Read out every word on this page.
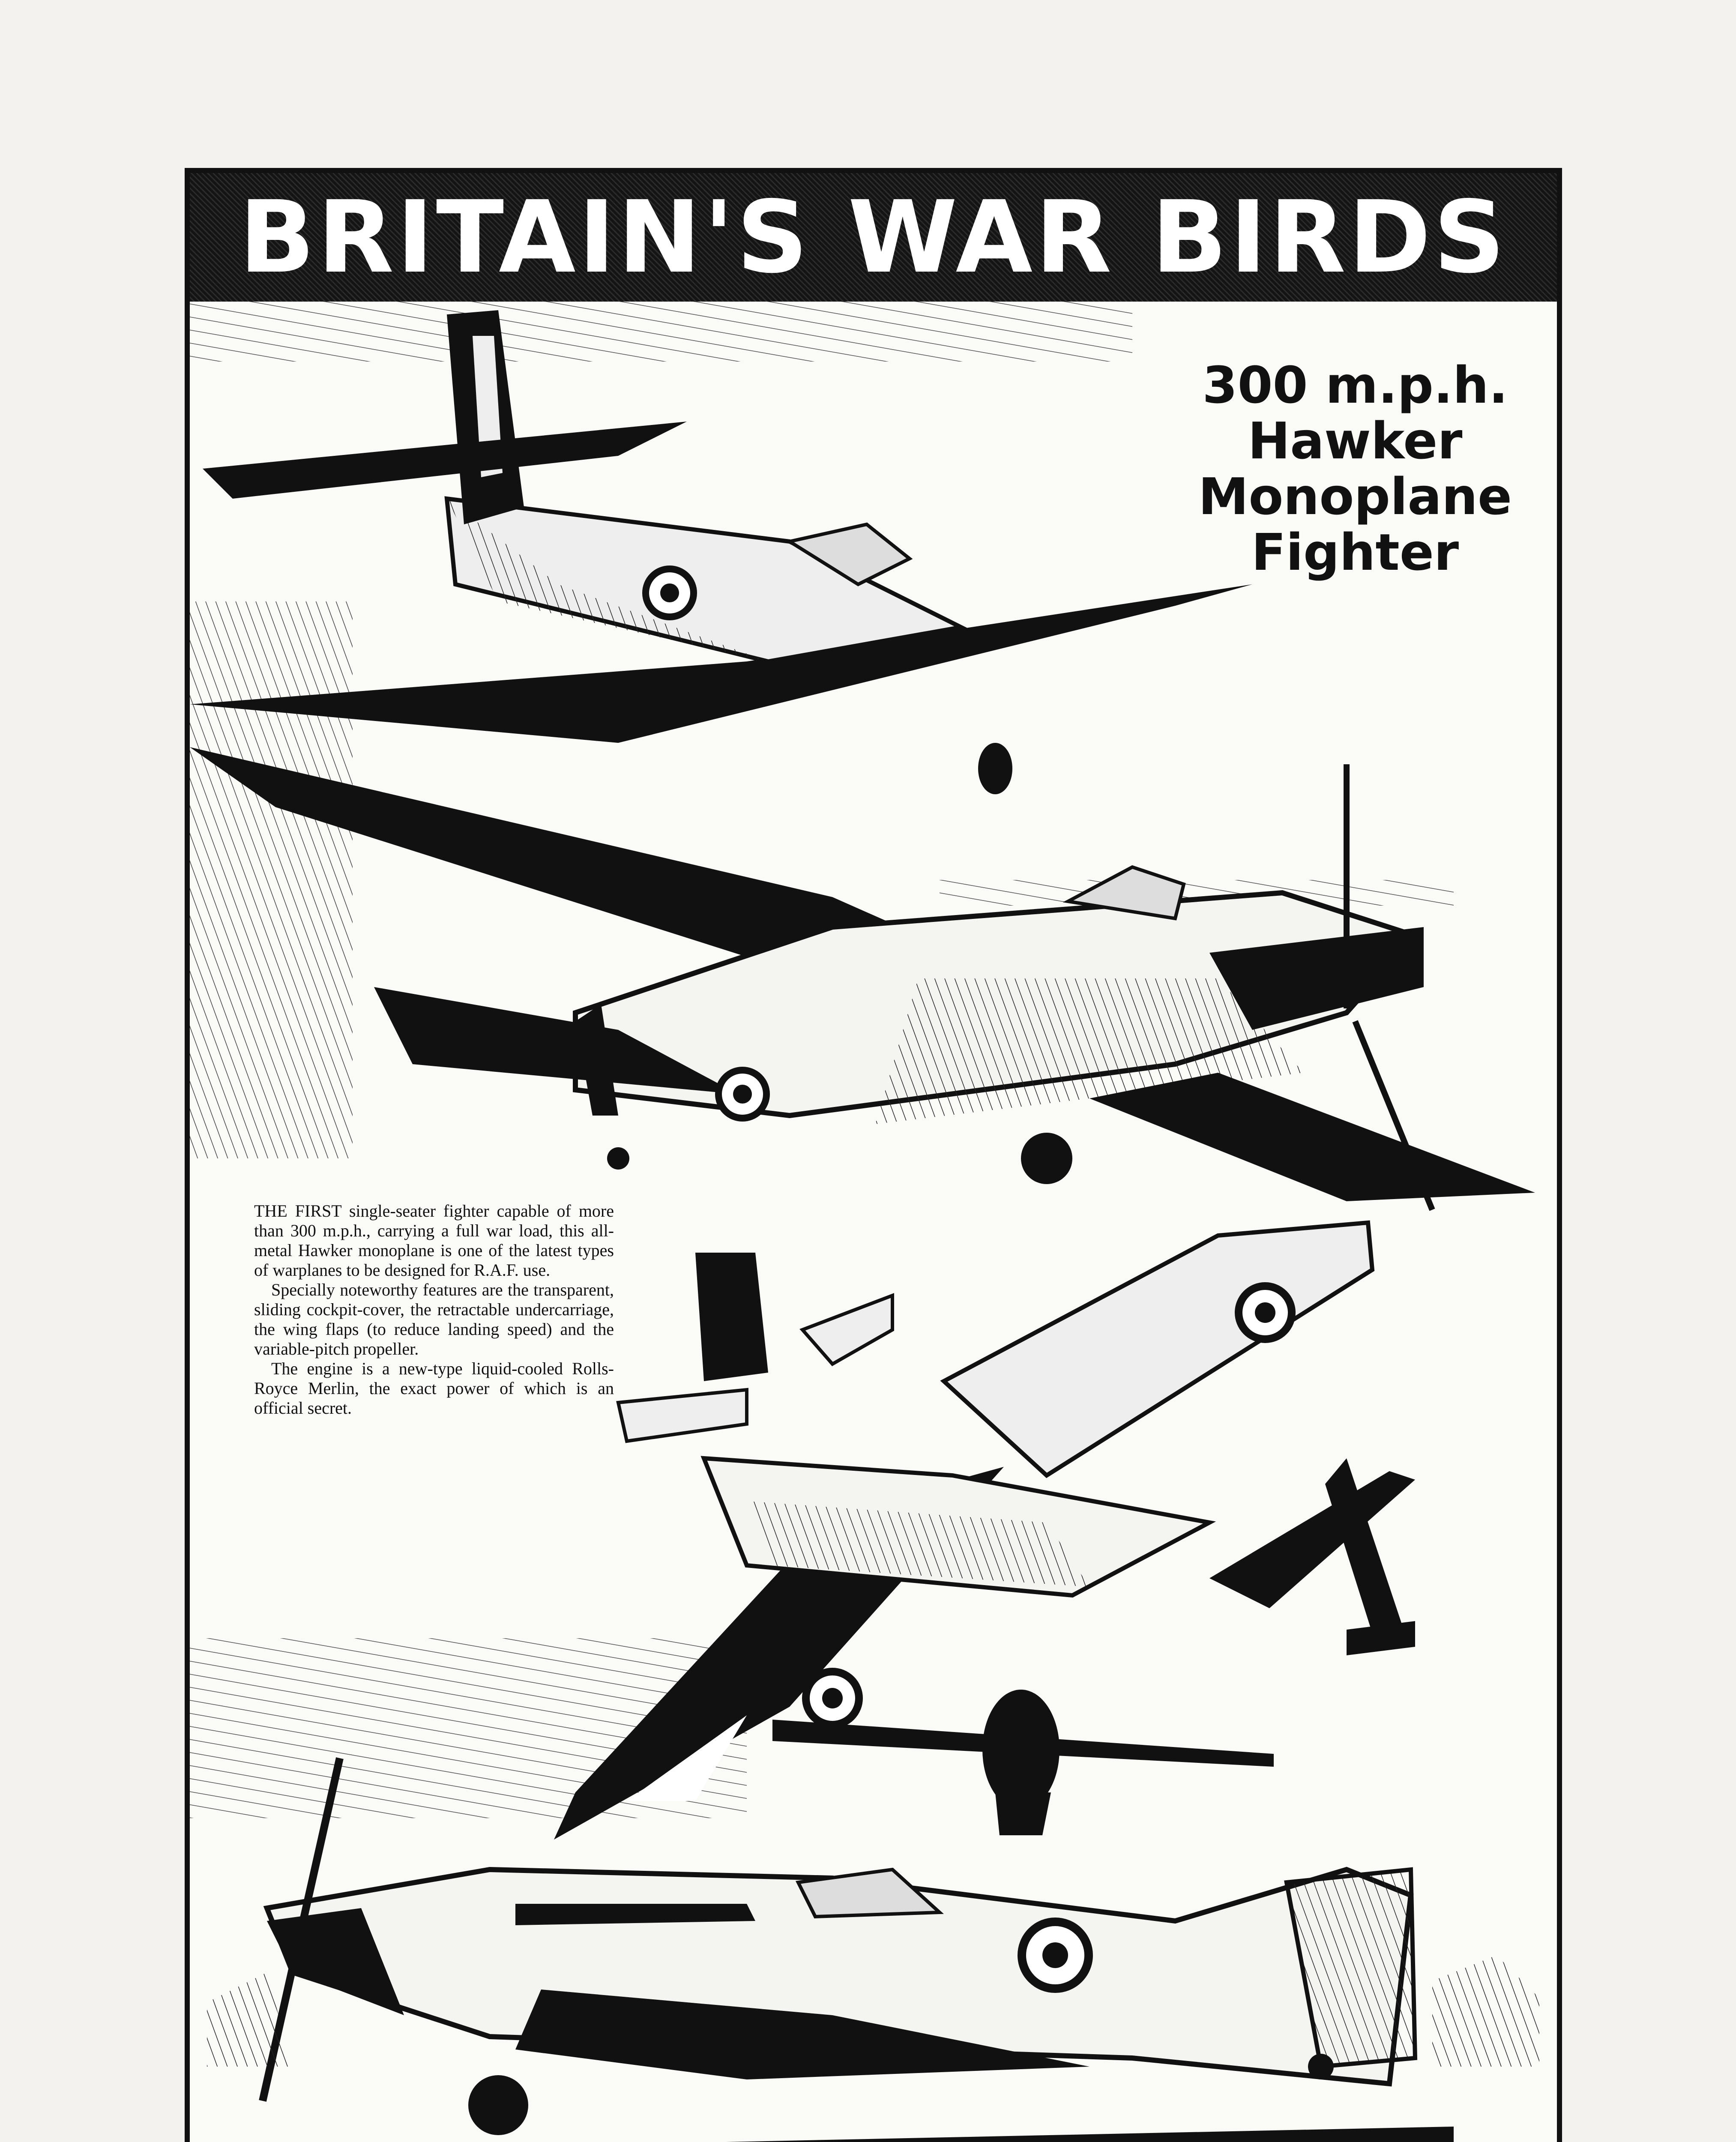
BRITAIN'S WAR BIRDS
300 m.p.h.
Hawker
Monoplane
Fighter

THE FIRST single-seater fighter capable of more than 300 m.p.h., carrying a full war load, this all-metal Hawker monoplane is one of the latest types of warplanes to be designed for R.A.F. use.

Specially noteworthy features are the transparent, sliding cockpit-cover, the retractable undercarriage, the wing flaps (to reduce landing speed) and the variable-pitch propeller.

The engine is a new-type liquid-cooled Rolls-Royce Merlin, the exact power of which is an official secret.
